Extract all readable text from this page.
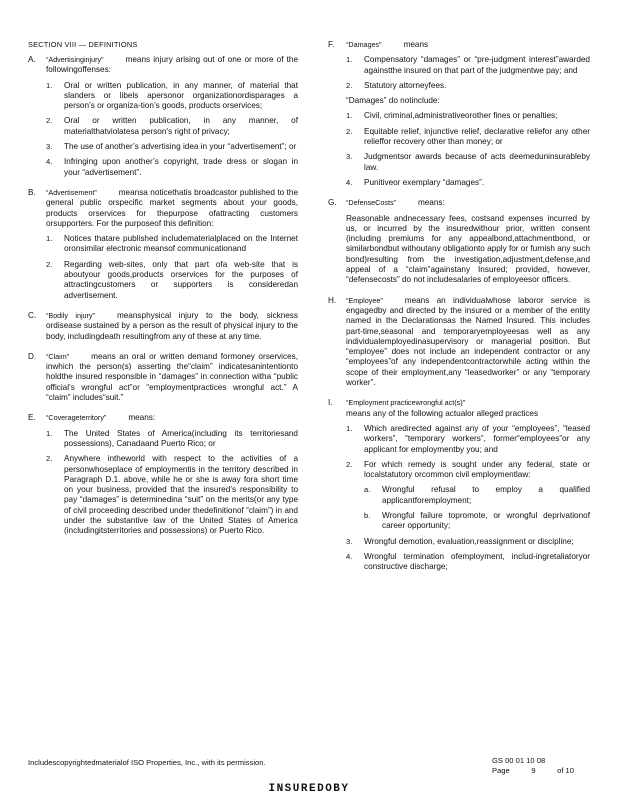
SECTION VIII — DEFINITIONS
A.	“Advertisinginjury”	means injury arising out of one or more of the followingoffenses:

1.	Oral or written publication, in any manner, of material that slanders or libels apersonor organizationordisparages a person’s or organiza-tion’s goods, products orservices;
2.	Oral or written publication, in any manner, of materialthatviolatesa person’s right of privacy;
3.	The use of another’s advertising idea in your “advertisement”; or
4.	Infringing upon another’s copyright, trade dress or slogan in your “advertisement”.
B.	“Advertisement”	meansa noticethatis broadcastor published to the general public orspecific market segments about your goods, products orservices for thepurpose ofattracting customers orsupporters. For the purposeof this definition:

1.	Notices thatare published includematerialplaced on the Internet oronsimilar electronic meansof communicationand
2.	Regarding web-sites, only that part ofa web-site that is aboutyour goods,products orservices for the purposes of attractingcustomers or supporters is consideredan advertisement.
C.	“Bodily injury”	meansphysical injury to the body, sickness ordisease sustained by a person as the result of physical injury to the body, includingdeath resultingfrom any of these at any time.

D.	“Claim”	means an oral or written demand formoney orservices, inwhich the person(s) asserting the“claim” indicatesanintentionto holdthe insured responsible in “damages” in connection witha “public official’s wrongful act”or “employmentpractices wrongful act.” A “claim” includes“suit.”

E.	“Coverageterritory”	means:

1.	The United States of America(including its territoriesand possessions), Canadaand Puerto Rico; or
2.	Anywhere intheworld with respect to the activities of a personwhoseplace of employmentis in the territory described in Paragraph D.1. above, while he or she is away fora short time on your business, provided that the insured’s responsibility to pay “damages” is determinedina “suit” on the merits(or any type of civil proceeding described under thedefinitionof “claim”) in and under the substantive law of the United States of America (includingitsterritories and possessions) or Puerto Rico.
F.	“Damages”	means

1.	Compensatory “damages” or “pre-judgment interest”awarded againstthe insured on that part of the judgmentwe pay; and
2.	Statutory attorneyfees.

“Damages” do notinclude:

1.	Civil, criminal,administrativeorother fines or penalties;
2.	Equitable relief, injunctive relief, declarative reliefor any other relieffor recovery other than money; or
3.	Judgmentsor awards because of acts deemeduninsurableby law.
4.	Punitiveor exemplary “damages”.
G.	“DefenseCosts”	means:

Reasonable andnecessary fees, costsand expenses incurred by us, or incurred by the insuredwithour prior, written consent (including premiums for any appealbond,attachmentbond, or similarbondbut withoutany obligationto apply for or furnish any such bond)resulting from the investigation,adjustment,defense,and appeal of a “claim”againstany Insured; provided, however, “defensecosts” do not includesalaries of employeesor officers.

H.	“Employee”	means an individualwhose laboror service is engagedby and directed by the insured or a member of the entity named in the Declarationsas the Named Insured. This includes part-time,seasonal and temporaryemployeesas well as any individualemployedinasupervisory or managerial position. But “employee” does not include an independent contractor or any “employees”of any independentcontractorwhile acting within the scope of their employment,any “leasedworker” or any “temporary worker”.

I.	“Employment practicewrongful act(s)”
means any of the following actualor alleged practices

1.	Which aredirected against any of your “employees”, “leased workers”, “temporary workers”, former“employees”or any applicant for employmentby you; and
2.	For which remedy is sought under any federal, state or localstatutory orcommon civil employmentlaw:
a.	Wrongful refusal to employ a qualified applicantforemployment;
b.	Wrongful failure topromote, or wrongful deprivationof career opportunity;
3.	Wrongful demotion, evaluation,reassignment or discipline;
4.	Wrongful termination ofemployment, includ-ingretaliatoryor constructive discharge;
Includescopyrightedmaterialof ISO Properties, Inc., with its permission.	GS 00 01 10 08
Page	9	of 10
INSUREDOBY
